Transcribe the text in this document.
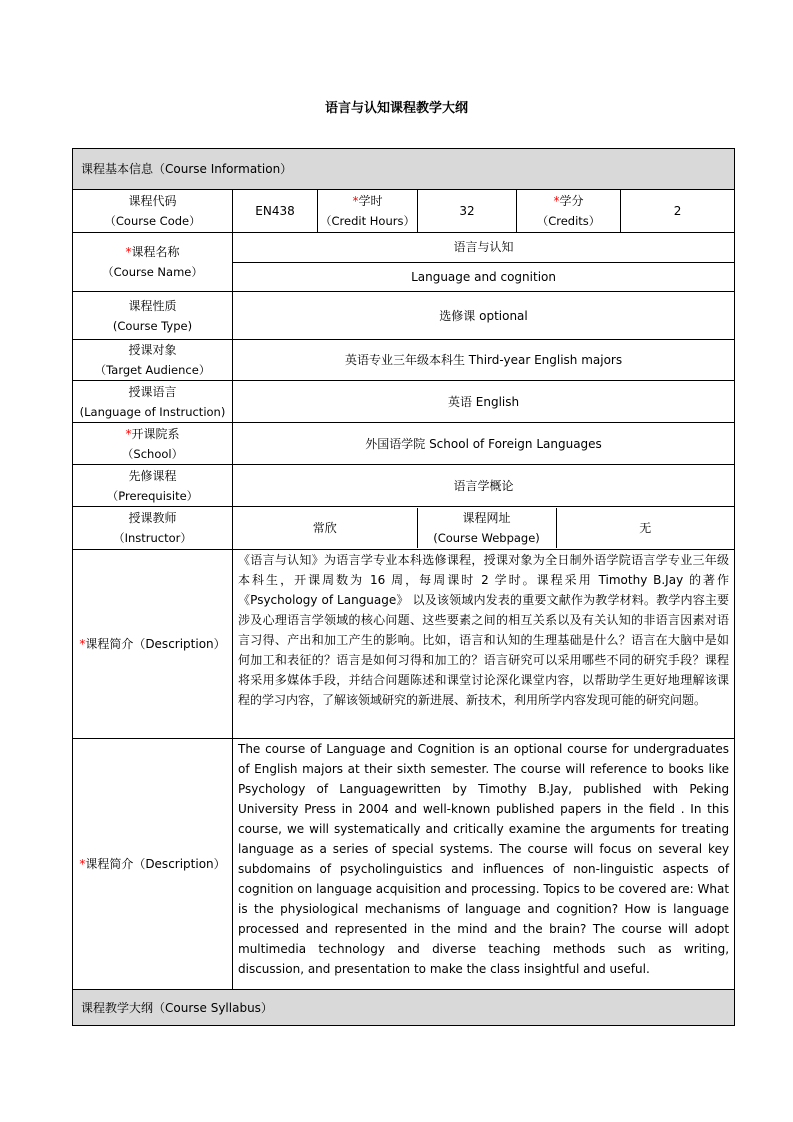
语言与认知课程教学大纲
课程基本信息（Course Information）

课程代码
（Course Code）
	EN438	
*学时
（Credit Hours）
	32	
*学分
（Credits）
	2

*课程名称
（Course Name）

语言与认知
Language and cognition

课程性质
(Course Type)
	选修课 optional

授课对象
（Target Audience）
	英语专业三年级本科生 Third-year English majors

授课语言
(Language of Instruction)
	英语 English

*开课院系
（School）
	外国语学院 School of Foreign Languages

先修课程
（Prerequisite）
	语言学概论

授课教师
（Instructor）

常欣	
课程网址
(Course Webpage)
	无

*课程简介（Description）	《语言与认知》为语言学专业本科选修课程，授课对象为全日制外语学院语言学专业三年级本科生，开课周数为 16 周，每周课时 2 学时。课程采用 Timothy B.Jay 的著作《Psychology of Language》 以及该领域内发表的重要文献作为教学材料。教学内容主要涉及心理语言学领域的核心问题、这些要素之间的相互关系以及有关认知的非语言因素对语言习得、产出和加工产生的影响。比如，语言和认知的生理基础是什么？语言在大脑中是如何加工和表征的？语言是如何习得和加工的？语言研究可以采用哪些不同的研究手段？课程将采用多媒体手段，并结合问题陈述和课堂讨论深化课堂内容，以帮助学生更好地理解该课程的学习内容，了解该领域研究的新进展、新技术，利用所学内容发现可能的研究问题。
*课程简介（Description）	The course of Language and Cognition is an optional course for undergraduates of English majors at their sixth semester. The course will reference to books like Psychology of Languagewritten by Timothy B.Jay, published with Peking University Press in 2004 and well-known published papers in the field . In this course, we will systematically and critically examine the arguments for treating language as a series of special systems. The course will focus on several key subdomains of psycholinguistics and influences of non-linguistic aspects of cognition on language acquisition and processing. Topics to be covered are: What is the physiological mechanisms of language and cognition? How is language processed and represented in the mind and the brain? The course will adopt multimedia technology and diverse teaching methods such as writing, discussion, and presentation to make the class insightful and useful.
课程教学大纲（Course Syllabus）
